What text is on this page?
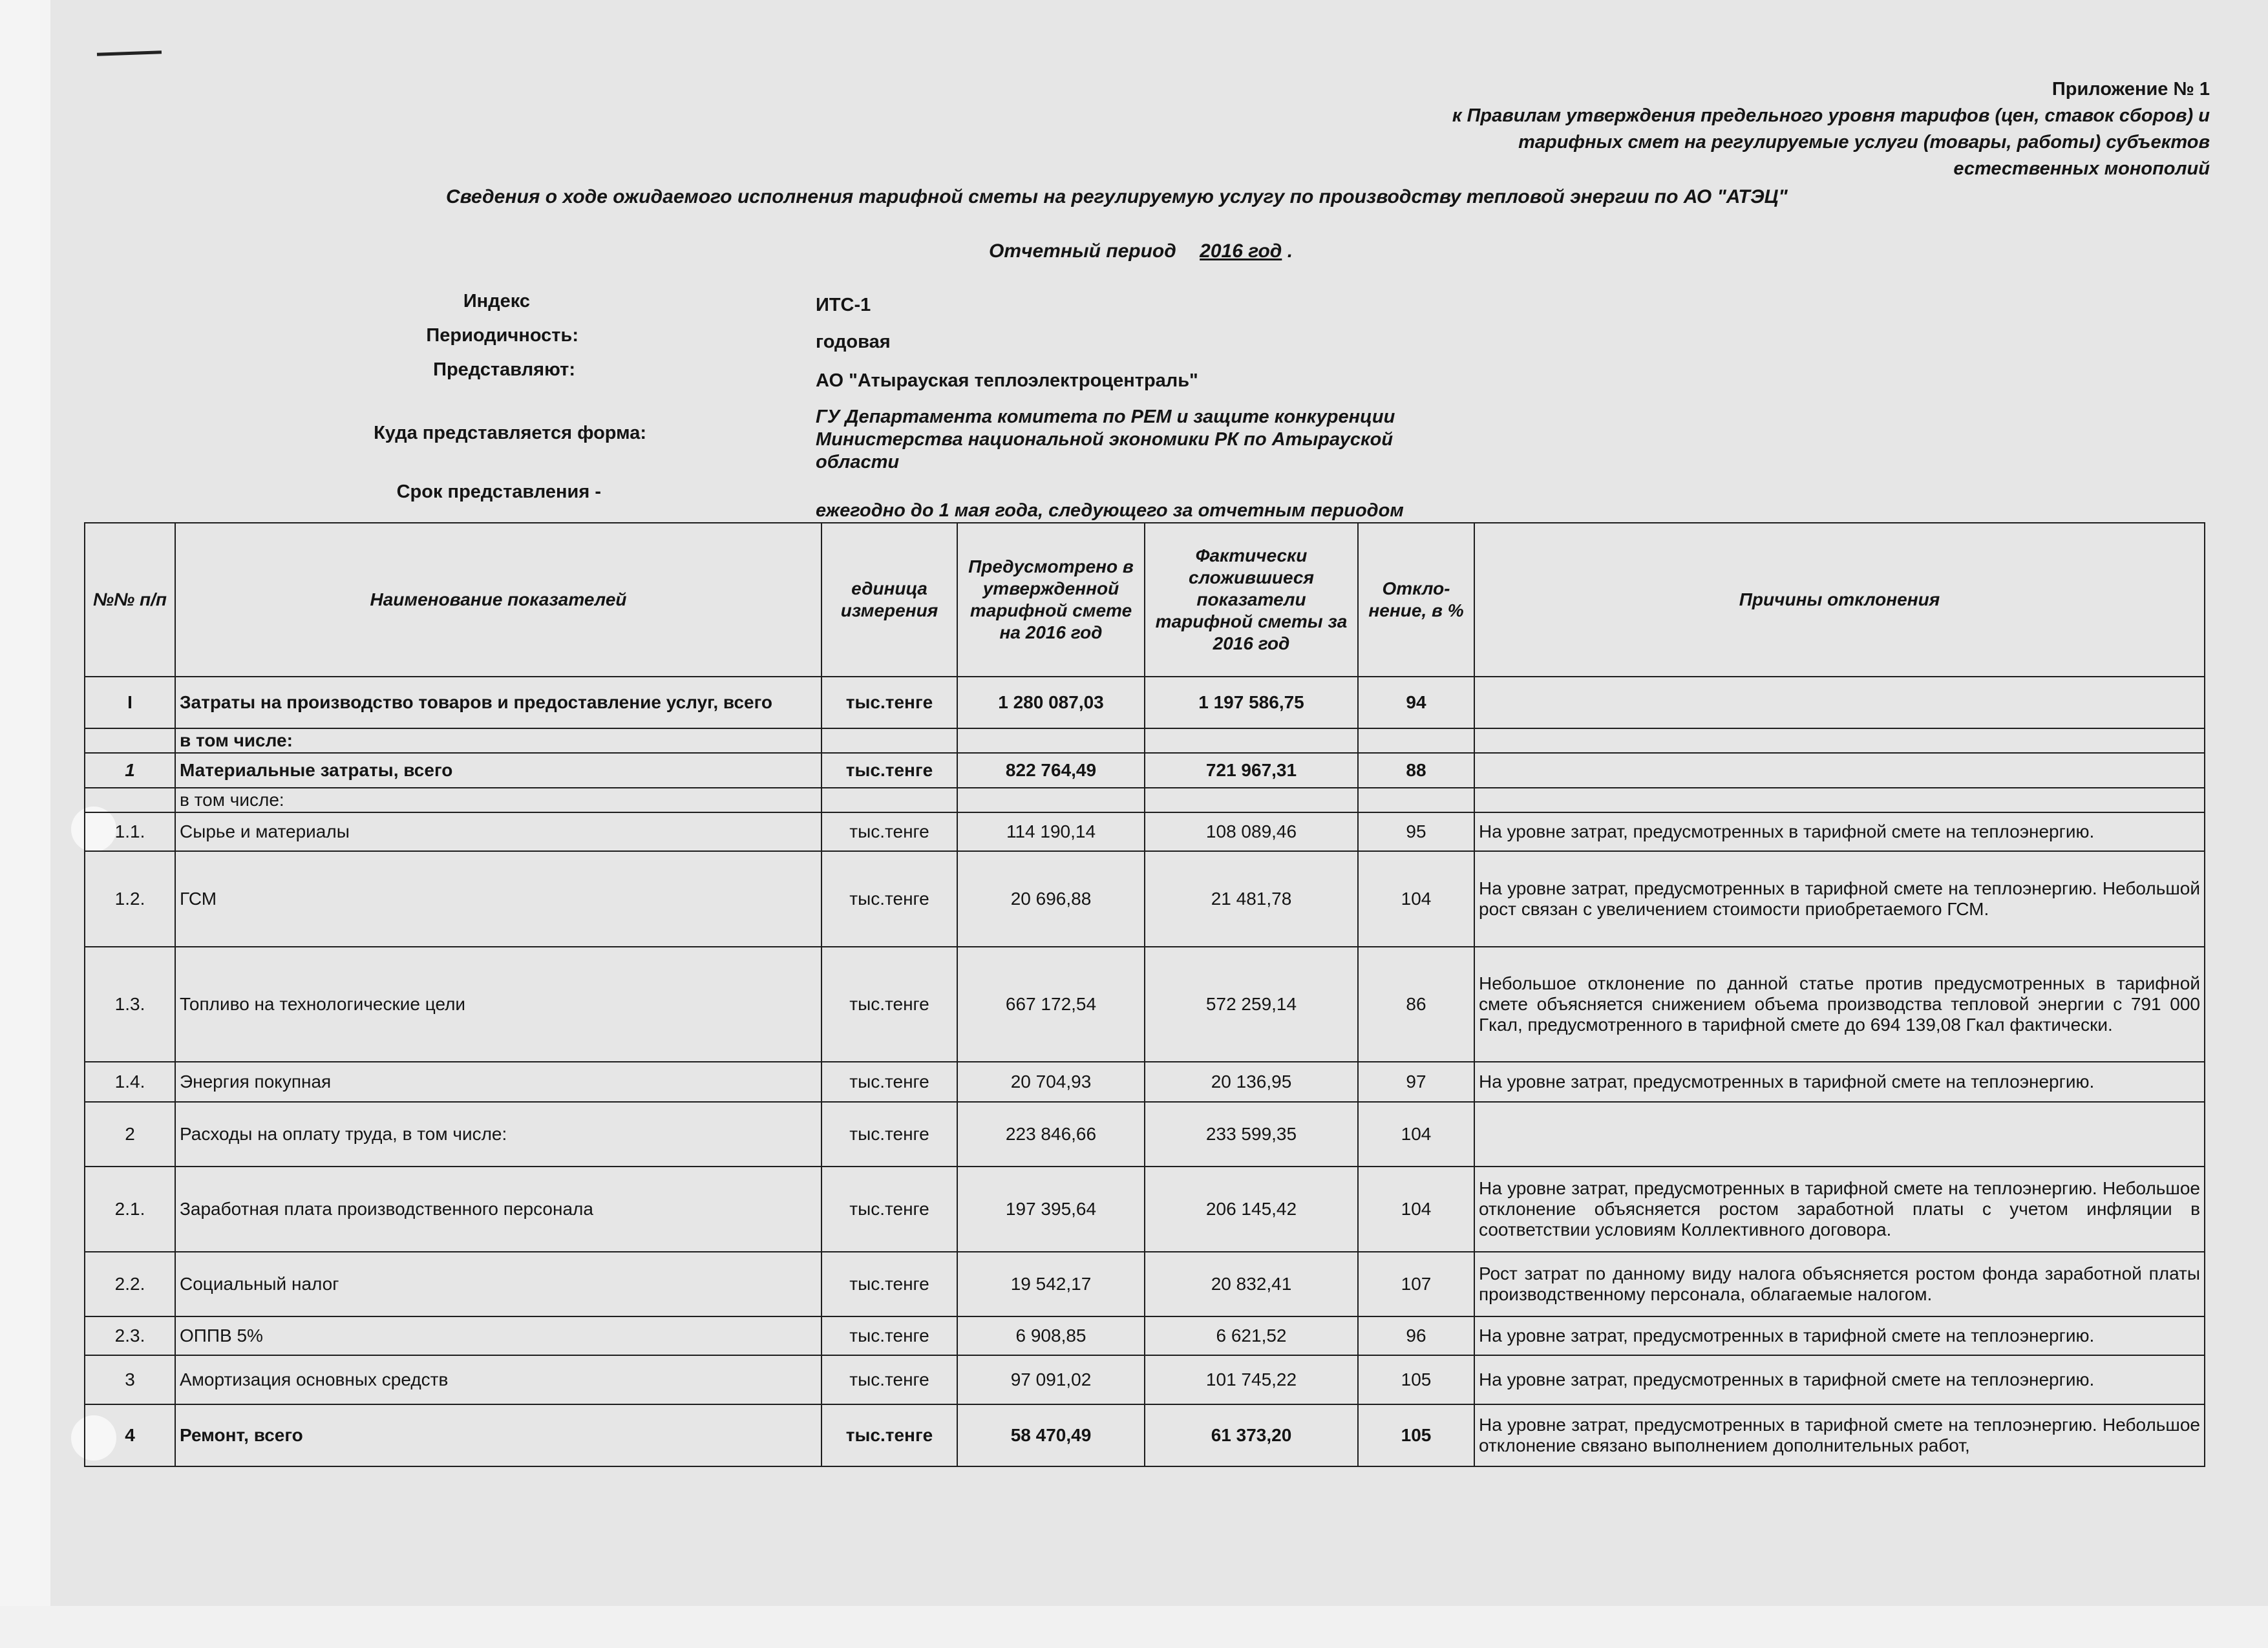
Приложение № 1
к Правилам утверждения предельного уровня тарифов (цен, ставок сборов) и
тарифных смет на регулируемые услуги (товары, работы) субъектов
естественных монополий
Сведения о ходе ожидаемого исполнения тарифной сметы на регулируемую услугу по производству тепловой энергии по АО "АТЭЦ"
Отчетный период 2016 год .
Индекс	ИТС-1
Периодичность:	годовая
Представляют:
АО "Атырауская теплоэлектроцентраль"
Куда представляется форма:
ГУ Департамента комитета по РЕМ и защите конкуренции Министерства национальной экономики РК по Атырауской области
Срок представления -
ежегодно до 1 мая года, следующего за отчетным периодом
№№ п/п	Наименование показателей	единица измерения	Предусмотрено в утвержденной тарифной смете на 2016 год	Фактически сложившиеся показатели тарифной сметы за 2016 год	Откло-нение, в %	Причины отклонения
I	Затраты на производство товаров и предоставление услуг, всего	тыс.тенге	1 280 087,03	1 197 586,75	94	
	в том числе:					
1	Материальные затраты, всего	тыс.тенге	822 764,49	721 967,31	88	
	в том числе:					
1.1.	Сырье и материалы	тыс.тенге	114 190,14	108 089,46	95	На уровне затрат, предусмотренных в тарифной смете на теплоэнергию.
1.2.	ГСМ	тыс.тенге	20 696,88	21 481,78	104	На уровне затрат, предусмотренных в тарифной смете на теплоэнергию. Небольшой рост связан с увеличением стоимости приобретаемого ГСМ.
1.3.	Топливо на технологические цели	тыс.тенге	667 172,54	572 259,14	86	Небольшое отклонение по данной статье против предусмотренных в тарифной смете объясняется снижением объема производства тепловой энергии с 791 000 Гкал, предусмотренного в тарифной смете до 694 139,08 Гкал фактически.
1.4.	Энергия покупная	тыс.тенге	20 704,93	20 136,95	97	На уровне затрат, предусмотренных в тарифной смете на теплоэнергию.
2	Расходы на оплату труда, в том числе:	тыс.тенге	223 846,66	233 599,35	104	
2.1.	Заработная плата производственного персонала	тыс.тенге	197 395,64	206 145,42	104	На уровне затрат, предусмотренных в тарифной смете на теплоэнергию. Небольшое отклонение объясняется ростом заработной платы с учетом инфляции в соответствии условиям Коллективного договора.
2.2.	Социальный налог	тыс.тенге	19 542,17	20 832,41	107	Рост затрат по данному виду налога объясняется ростом фонда заработной платы производственному персонала, облагаемые налогом.
2.3.	ОППВ 5%	тыс.тенге	6 908,85	6 621,52	96	На уровне затрат, предусмотренных в тарифной смете на теплоэнергию.
3	Амортизация основных средств	тыс.тенге	97 091,02	101 745,22	105	На уровне затрат, предусмотренных в тарифной смете на теплоэнергию.
4	Ремонт, всего	тыс.тенге	58 470,49	61 373,20	105	На уровне затрат, предусмотренных в тарифной смете на теплоэнергию. Небольшое отклонение связано выполнением дополнительных работ,
